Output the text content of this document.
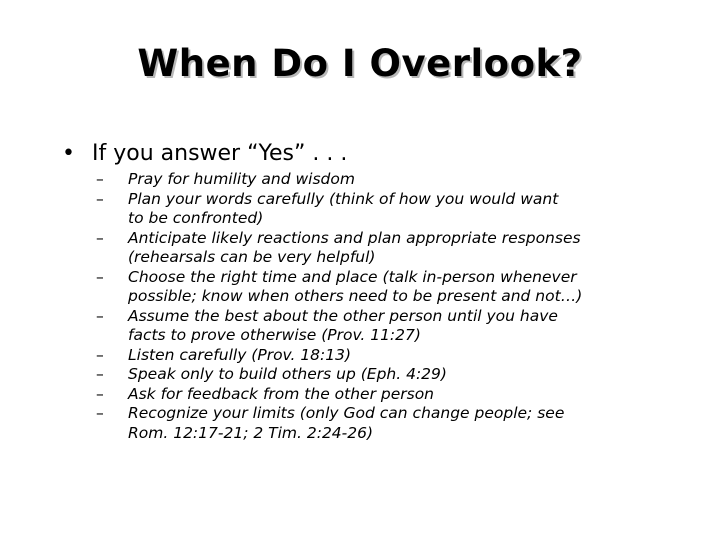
When Do I Overlook?
• If you answer “Yes” . . .
–
Pray for humility and wisdom
–
Plan your words carefully (think of how you would want
to be confronted)
–
Anticipate likely reactions and plan appropriate responses
(rehearsals can be very helpful)
–
Choose the right time and place (talk in-person whenever
possible; know when others need to be present and not…)
–
Assume the best about the other person until you have
facts to prove otherwise (Prov. 11:27)
–
Listen carefully (Prov. 18:13)
–
Speak only to build others up (Eph. 4:29)
–
Ask for feedback from the other person
–
Recognize your limits (only God can change people; see
Rom. 12:17-21; 2 Tim. 2:24-26)
